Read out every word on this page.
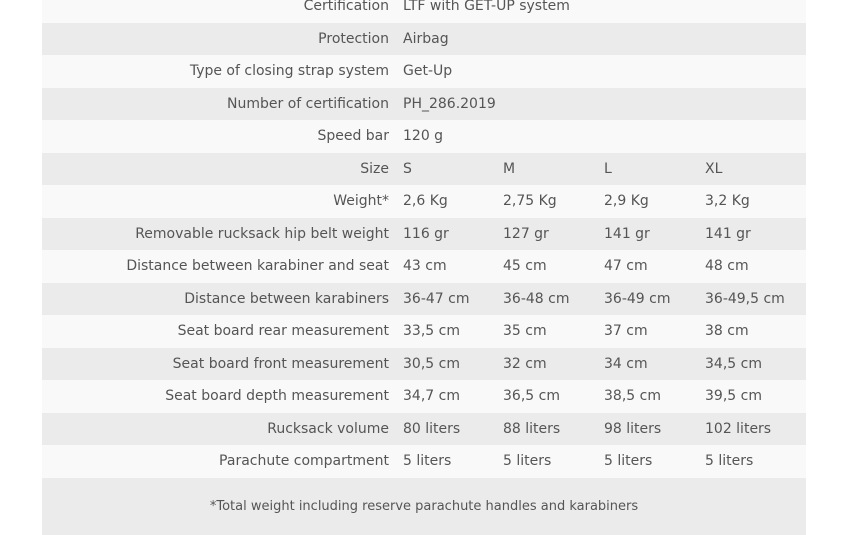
Certification LTF with GET-UP system
Protection Airbag
Type of closing strap system Get-Up
Number of certification PH_286.2019
Speed bar 120 g
Size S	M	L	XL
Weight* 2,6 Kg	2,75 Kg	2,9 Kg	3,2 Kg
Removable rucksack hip belt weight 116 gr	127 gr	141 gr	141 gr
Distance between karabiner and seat 43 cm	45 cm	47 cm	48 cm
Distance between karabiners 36-47 cm 36-48 cm 36-49 cm 36-49,5 cm
Seat board rear measurement 33,5 cm	35 cm	37 cm	38 cm
Seat board front measurement 30,5 cm	32 cm	34 cm	34,5 cm
Seat board depth measurement 34,7 cm	36,5 cm	38,5 cm	39,5 cm
Rucksack volume 80 liters	88 liters	98 liters	102 liters
Parachute compartment 5 liters	5 liters	5 liters	5 liters
*Total weight including reserve parachute handles and karabiners
